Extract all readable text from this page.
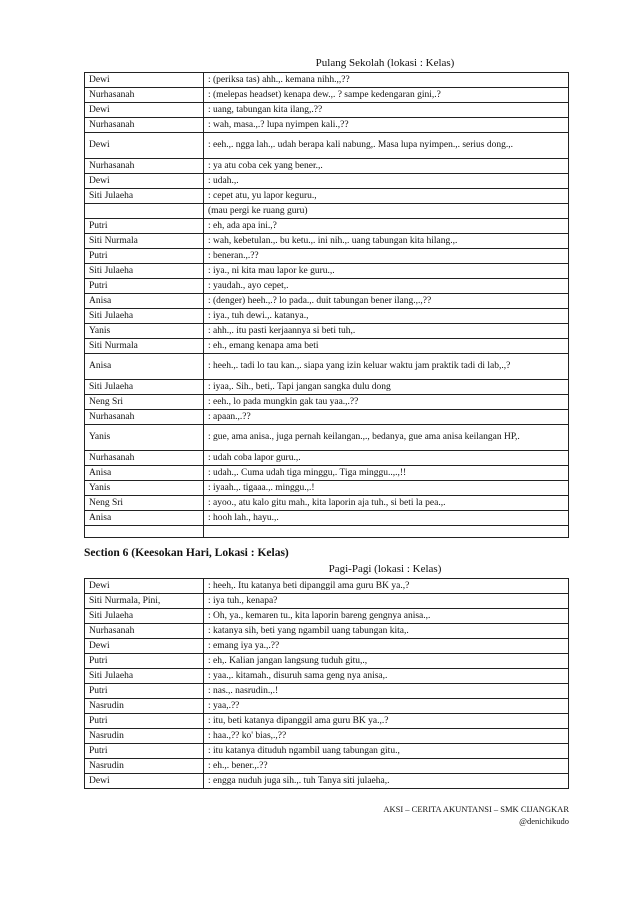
Pulang Sekolah (lokasi : Kelas)
Dewi	: (periksa tas) ahh.,. kemana nihh.,,??
Nurhasanah	: (melepas headset) kenapa dew.,. ? sampe kedengaran gini,.?
Dewi	: uang, tabungan kita ilang,.??
Nurhasanah	: wah, masa.,.? lupa nyimpen kali.,??
Dewi	: eeh.,. ngga lah.,. udah berapa kali nabung,. Masa lupa nyimpen.,. serius dong.,.
Nurhasanah	: ya atu coba cek yang bener.,.
Dewi	: udah.,.
Siti Julaeha	: cepet atu, yu lapor keguru.,
	(mau pergi ke ruang guru)
Putri	: eh, ada apa ini.,?
Siti Nurmala	: wah, kebetulan.,. bu ketu.,. ini nih.,. uang tabungan kita hilang.,.
Putri	: beneran.,.??
Siti Julaeha	: iya., ni kita mau lapor ke guru.,.
Putri	: yaudah., ayo cepet,.
Anisa	: (denger) heeh.,.? lo pada.,. duit tabungan bener ilang.,.,??
Siti Julaeha	: iya., tuh dewi.,. katanya.,
Yanis	: ahh.,. itu pasti kerjaannya si beti tuh,.
Siti Nurmala	: eh., emang kenapa ama beti
Anisa	: heeh.,. tadi lo tau kan.,. siapa yang izin keluar waktu jam praktik tadi di lab,.,?
Siti Julaeha	: iyaa,. Sih., beti,. Tapi jangan sangka dulu dong
Neng Sri	: eeh., lo pada mungkin gak tau yaa.,.??
Nurhasanah	: apaan.,.??
Yanis	: gue, ama anisa., juga pernah keilangan.,., bedanya, gue ama anisa keilangan HP,.
Nurhasanah	: udah coba lapor guru.,.
Anisa	: udah.,. Cuma udah tiga minggu,. Tiga minggu..,.,!!
Yanis	: iyaah.,. tigaaa.,. minggu.,.!
Neng Sri	: ayoo., atu kalo gitu mah., kita laporin aja tuh., si beti la pea.,.
Anisa	: hooh lah., hayu.,.

Section 6 (Keesokan Hari, Lokasi : Kelas)
Pagi-Pagi (lokasi : Kelas)
Dewi	: heeh,. Itu katanya beti dipanggil ama guru BK ya.,?
Siti Nurmala, Pini,	: iya tuh., kenapa?
Siti Julaeha	: Oh, ya., kemaren tu., kita laporin bareng gengnya anisa.,.
Nurhasanah	: katanya sih, beti yang ngambil uang tabungan kita,.
Dewi	: emang iya ya.,.??
Putri	: eh,. Kalian jangan langsung tuduh gitu,.,
Siti Julaeha	: yaa.,. kitamah., disuruh sama geng nya anisa,.
Putri	: nas.,. nasrudin.,.!
Nasrudin	: yaa,.??
Putri	: itu, beti katanya dipanggil ama guru BK ya.,.?
Nasrudin	: haa.,?? ko' bias,.,??
Putri	: itu katanya dituduh ngambil uang tabungan gitu.,
Nasrudin	: eh.,. bener.,.??
Dewi	: engga nuduh juga sih.,. tuh Tanya siti julaeha,.
AKSI – CERITA AKUNTANSI – SMK CIJANGKAR
@denichikudo
